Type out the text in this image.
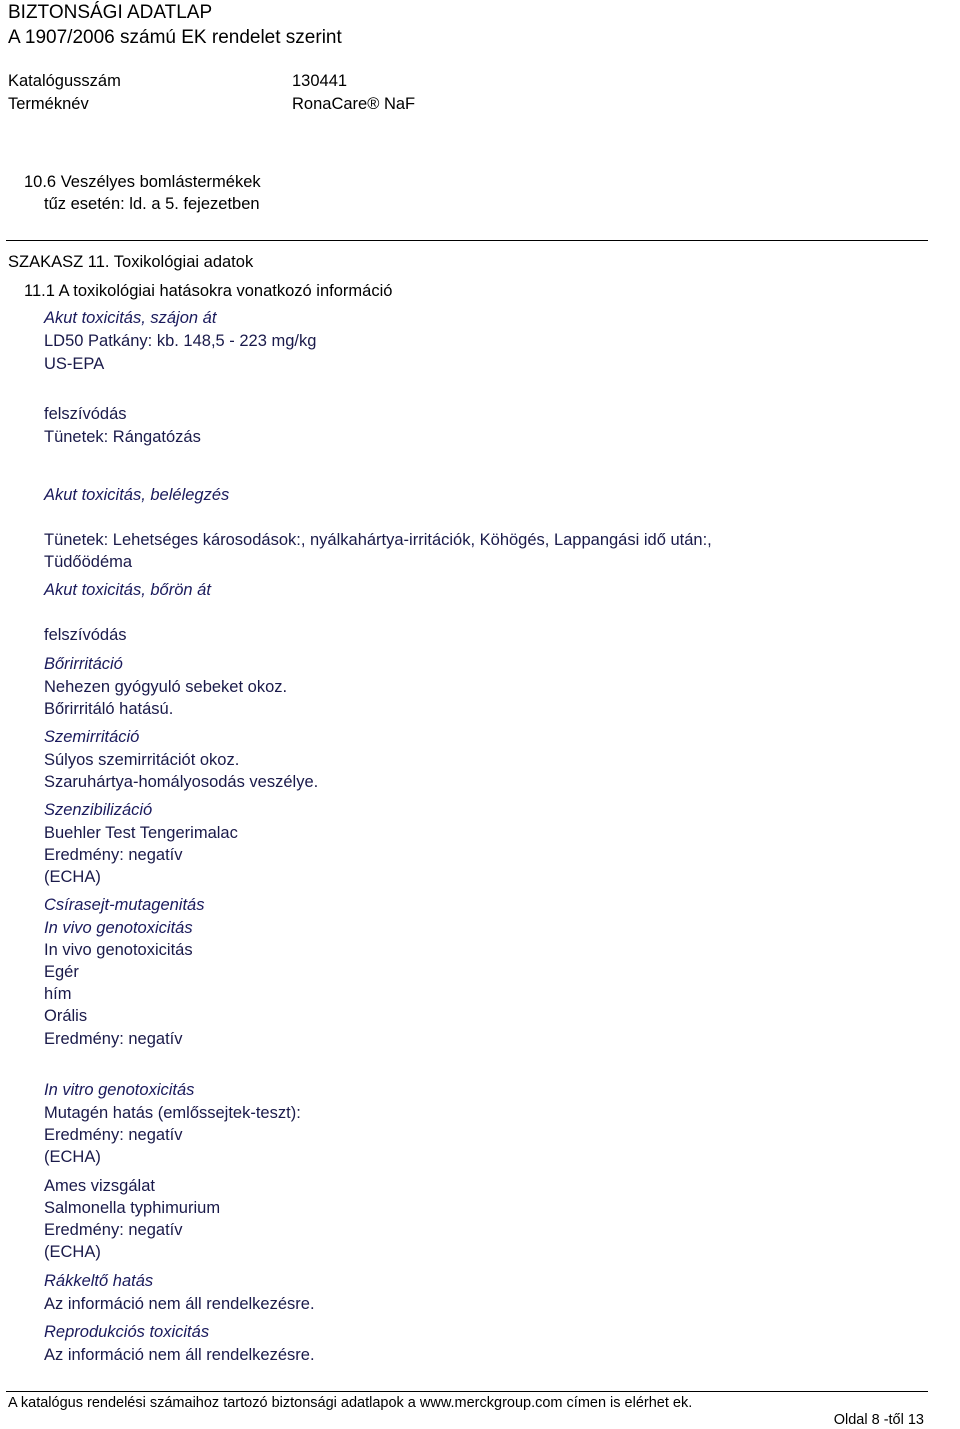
BIZTONSÁGI ADATLAP
A 1907/2006 számú EK rendelet szerint
Katalógusszám	130441
Terméknév	RonaCare® NaF
10.6 Veszélyes bomlástermékek
tűz esetén: ld. a 5. fejezetben
SZAKASZ 11. Toxikológiai adatok
11.1 A toxikológiai hatásokra vonatkozó információ
Akut toxicitás, szájon át
LD50 Patkány: kb. 148,5 - 223 mg/kg
US-EPA
felszívódás
Tünetek: Rángatózás
Akut toxicitás, belélegzés
Tünetek: Lehetséges károsodások:, nyálkahártya-irritációk, Köhögés, Lappangási idő után:,
Tüdőödéma
Akut toxicitás, bőrön át
felszívódás
Bőrirritáció
Nehezen gyógyuló sebeket okoz.
Bőrirritáló hatású.
Szemirritáció
Súlyos szemirritációt okoz.
Szaruhártya-homályosodás veszélye.
Szenzibilizáció
Buehler Test Tengerimalac
Eredmény: negatív
(ECHA)
Csírasejt-mutagenitás
In vivo genotoxicitás
In vivo genotoxicitás
Egér
hím
Orális
Eredmény: negatív
In vitro genotoxicitás
Mutagén hatás (emlőssejtek-teszt):
Eredmény: negatív
(ECHA)
Ames vizsgálat
Salmonella typhimurium
Eredmény: negatív
(ECHA)
Rákkeltő hatás
Az információ nem áll rendelkezésre.
Reprodukciós toxicitás
Az információ nem áll rendelkezésre.
A katalógus rendelési számaihoz tartozó biztonsági adatlapok a www.merckgroup.com címen is elérhet ek.
Oldal 8 -től 13
